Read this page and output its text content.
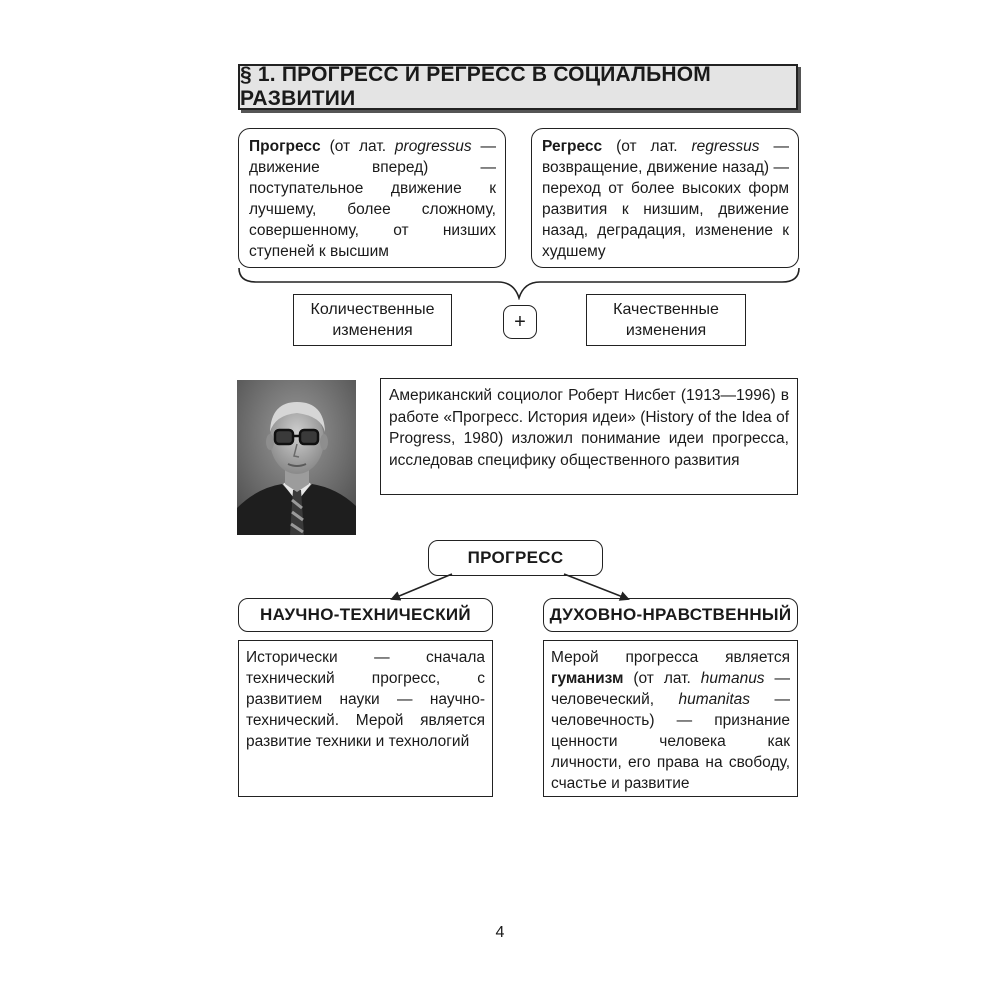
§ 1. ПРОГРЕСС И РЕГРЕСС В СОЦИАЛЬНОМ РАЗВИТИИ
Прогресс (от лат. progressus — движение вперед) — поступательное движение к лучшему, более сложному, совершенному, от низших ступеней к высшим
Регресс (от лат. regressus — возвращение, движение назад) — переход от более высоких форм развития к низшим, движение назад, деградация, изменение к худшему
Количественные изменения	+
Качественные изменения
Американский социолог Роберт Нисбет (1913—1996) в работе «Прогресс. История идеи» (History of the Idea of Progress, 1980) изложил понимание идеи прогресса, исследовав специфику общественного развития
ПРОГРЕСС
НАУЧНО-ТЕХНИЧЕСКИЙ	ДУХОВНО-НРАВСТВЕННЫЙ
Исторически — сначала технический прогресс, с развитием науки — научно-технический. Мерой является развитие техники и технологий
Мерой прогресса является гуманизм (от лат. humanus — человеческий, humanitas — человечность) — признание ценности человека как личности, его права на свободу, счастье и развитие
4
